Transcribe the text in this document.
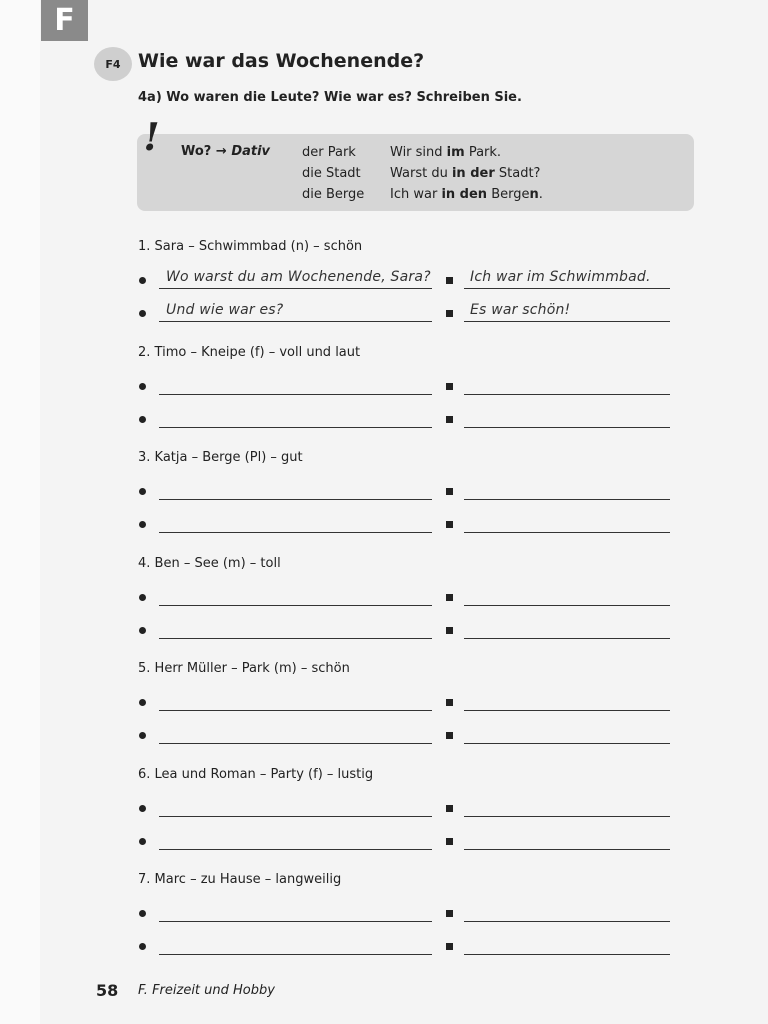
F
F4 Wie war das Wochenende?
4a) Wo waren die Leute? Wie war es? Schreiben Sie.
! Wo? → Dativ der Park
die Stadt
die Berge
Wir sind im Park.
Warst du in der Stadt?
Ich war in den Bergen.
1. Sara – Schwimmbad (n) – schön
Wo warst du am Wochenende, Sara?	Ich war im Schwimmbad.
Und wie war es?	Es war schön!
2. Timo – Kneipe (f) – voll und laut
3. Katja – Berge (Pl) – gut
4. Ben – See (m) – toll
5. Herr Müller – Park (m) – schön
6. Lea und Roman – Party (f) – lustig
7. Marc – zu Hause – langweilig
58 F. Freizeit und Hobby
